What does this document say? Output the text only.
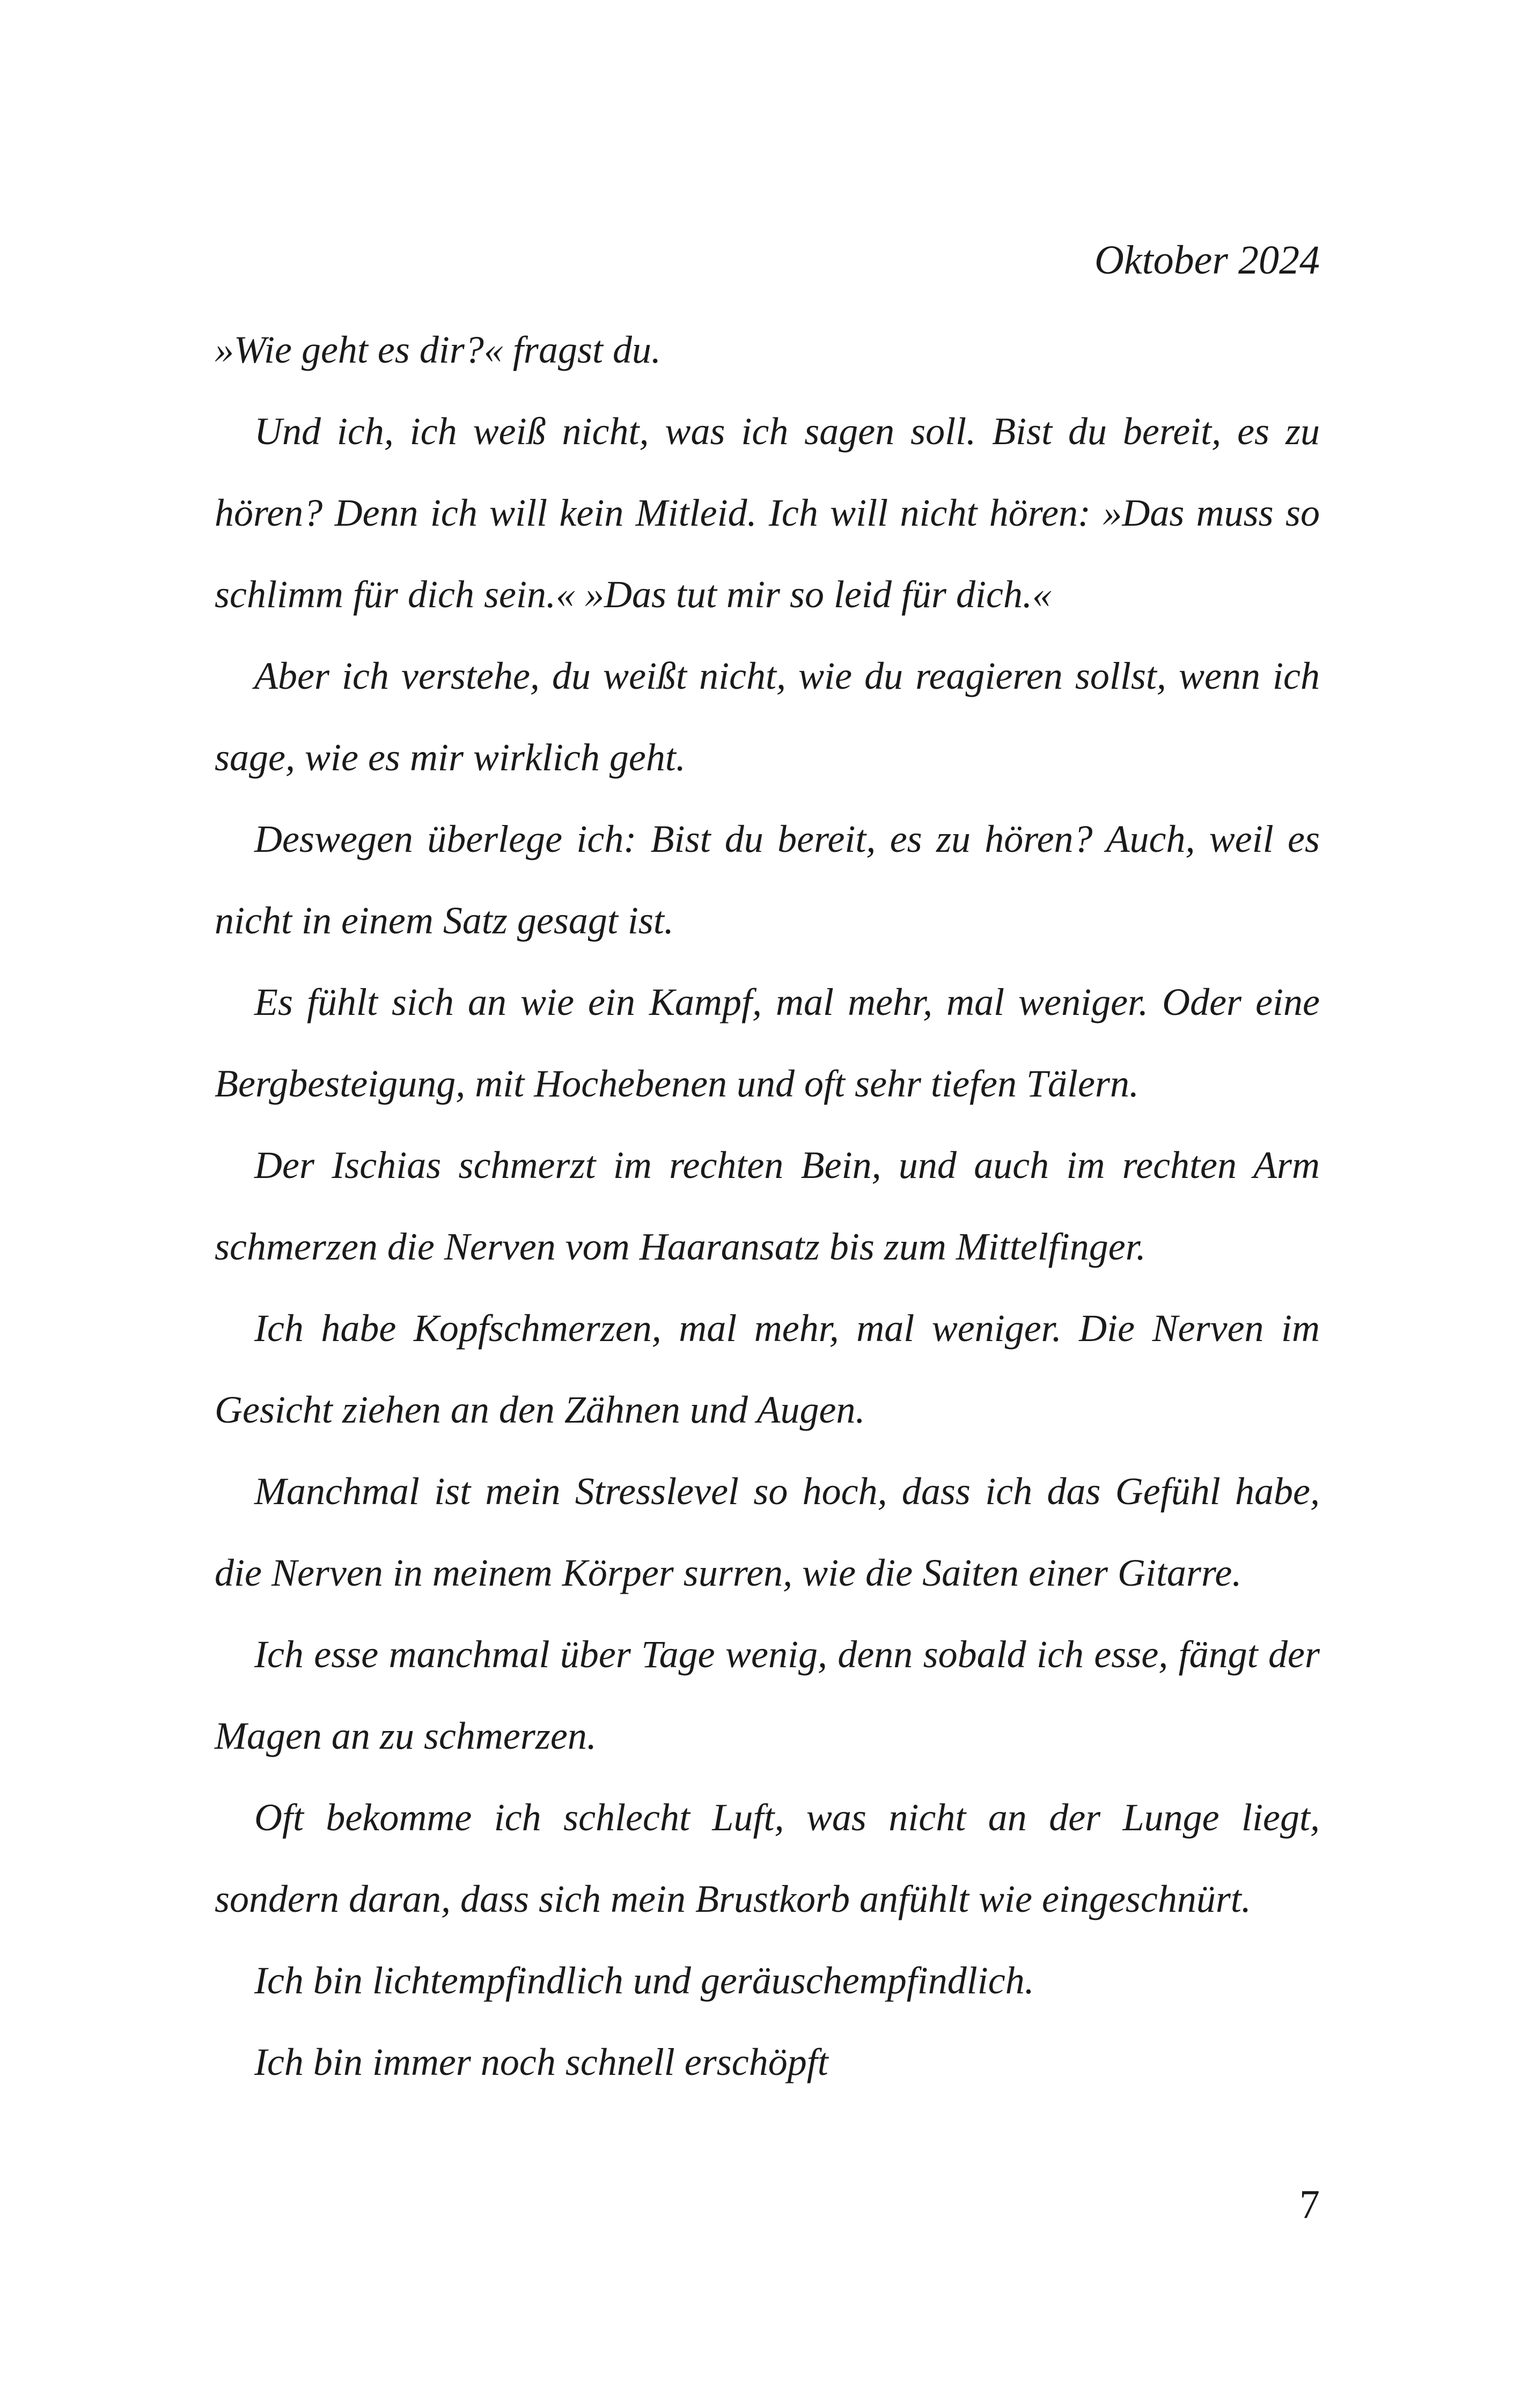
Oktober 2024

»Wie geht es dir?« fragst du.

Und ich, ich weiß nicht, was ich sagen soll. Bist du bereit, es zu hören? Denn ich will kein Mitleid. Ich will nicht hören: »Das muss so schlimm für dich sein.« »Das tut mir so leid für dich.«

Aber ich verstehe, du weißt nicht, wie du reagieren sollst, wenn ich sage, wie es mir wirklich geht.

Deswegen überlege ich: Bist du bereit, es zu hören? Auch, weil es nicht in einem Satz gesagt ist.

Es fühlt sich an wie ein Kampf, mal mehr, mal weniger. Oder eine Bergbesteigung, mit Hochebenen und oft sehr tiefen Tälern.

Der Ischias schmerzt im rechten Bein, und auch im rechten Arm schmerzen die Nerven vom Haaransatz bis zum Mittelfinger.

Ich habe Kopfschmerzen, mal mehr, mal weniger. Die Nerven im Gesicht ziehen an den Zähnen und Augen.

Manchmal ist mein Stresslevel so hoch, dass ich das Gefühl habe, die Nerven in meinem Körper surren, wie die Saiten einer Gitarre.

Ich esse manchmal über Tage wenig, denn sobald ich esse, fängt der Magen an zu schmerzen.

Oft bekomme ich schlecht Luft, was nicht an der Lunge liegt, sondern daran, dass sich mein Brustkorb anfühlt wie eingeschnürt.

Ich bin lichtempfindlich und geräuschempfindlich.

Ich bin immer noch schnell erschöpft

7
